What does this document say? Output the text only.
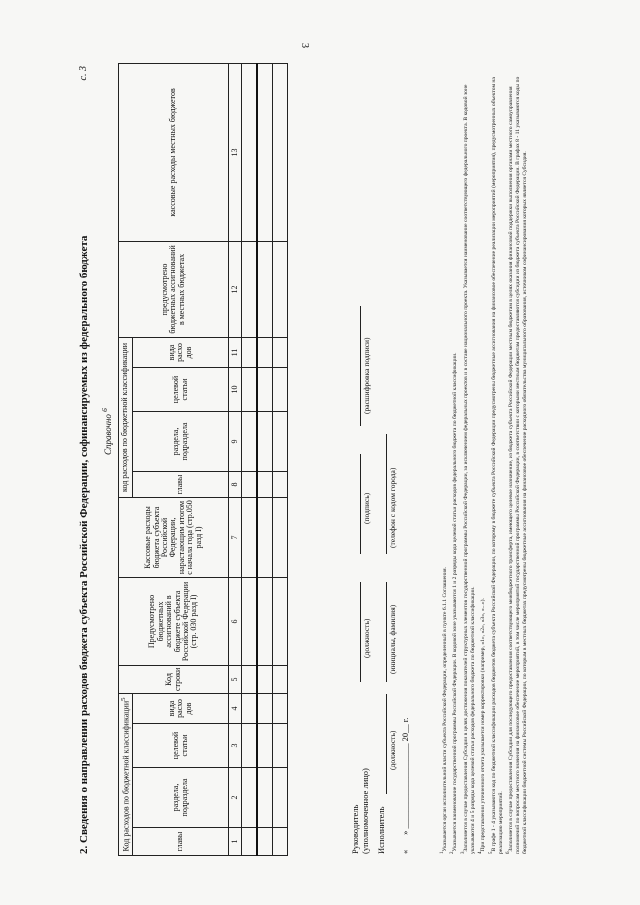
3
2. Сведения о направлении расходов бюджета субъекта Российской Федерации, софинансируемых из федерального бюджета
с. 3
Справочно $^6$
Код расходов по бюджетной классификации$^5$				Код строки	Предусмотрено бюджетных ассигнований в бюджете субъекта Российской Федерации (стр. 030 разд I)	Кассовые расходы бюджета субъекта Российской Федерации, нарастающим итогом с начала года (стр.050 разд I)	код расходов по бюджетной классификации				предусмотрено бюджетных ассигнований в местных бюджетах	кассовые расходы местных бюджетов
главы	раздела, подраздела	целевой статьи	вида расхо дов				главы	раздела, подраздела	целевой статьи	вида расхо дов		
1	2	3	4	5	6	7	8	9	10	11	12	13

Руководитель
(уполномоченное лицо)
(должность)
(подпись)
(расшифровка подписи)
Исполнитель
(должность)
(инициалы, фамилия)
(телефон с кодом города)
«       » ____________________ 20__ г.

1Указывается орган исполнительной власти субъекта Российской Федерации, определенный в пункте 6.1.1 Соглашения.

2Указывается наименование государственной программы Российской Федерации. В кодовой зоне указываются 1 и 2 разряды кода целевой статьи расходов федерального бюджета по бюджетной классификации.

3Заполняется в случае предоставления Субсидии в целях достижения показателей структурных элементов государственной программы Российской Федерации, за исключением федеральных проектов и в составе национального проекта. Указывается наименование соответствующего федерального проекта. В кодовой зоне указываются 4 и 5 разряды кода целевой статьи расходов федерального бюджета по бюджетной классификации. 4При представлении уточненного отчета указывается номер корректировки (например, «1», «2», «3», «...»).

5В графе 1 - 4 указываются код по бюджетной классификации расходов бюджетов бюджета субъекта Российской Федерации, по которому в бюджете субъекта Российской Федерации предусмотрены бюджетные ассигнования на финансовое обеспечение реализации мероприятий (мероприятия), предусмотренных объектом на реализацию мероприятий. 6Заполняется в случае предоставления Субсидии для последующего предоставления соответствующего межбюджетного трансферта, имеющего целевое назначение, из бюджета субъекта Российской Федерации местным бюджетам в целях оказания финансовой поддержки выполнения органами местного самоуправления полномочий по вопросам местного значения на финансовое обеспечение мероприятий, в том числе мероприятий государственной программы Российской Федерации, в соответствии с которыми местным бюджетам предоставляются субсидии из бюджета субъекта Российской Федерации. В графах 8 - 11 указываются коды по бюджетной классификации бюджетной системы Российской Федерации, по которым в местных бюджетах предусмотрены бюджетные ассигнования на финансовое обеспечение расходного обязательства муниципального образования, источником софинансирования которых является Субсидия.
